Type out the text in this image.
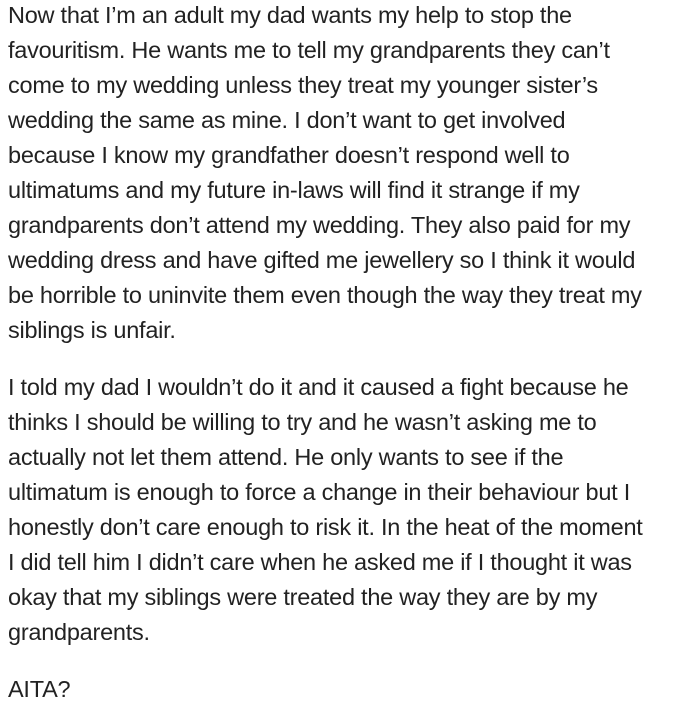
Now that I’m an adult my dad wants my help to stop the
favouritism. He wants me to tell my grandparents they can’t
come to my wedding unless they treat my younger sister’s
wedding the same as mine. I don’t want to get involved
because I know my grandfather doesn’t respond well to
ultimatums and my future in-laws will find it strange if my
grandparents don’t attend my wedding. They also paid for my
wedding dress and have gifted me jewellery so I think it would
be horrible to uninvite them even though the way they treat my
siblings is unfair.
I told my dad I wouldn’t do it and it caused a fight because he
thinks I should be willing to try and he wasn’t asking me to
actually not let them attend. He only wants to see if the
ultimatum is enough to force a change in their behaviour but I
honestly don’t care enough to risk it. In the heat of the moment
I did tell him I didn’t care when he asked me if I thought it was
okay that my siblings were treated the way they are by my
grandparents.
AITA?
